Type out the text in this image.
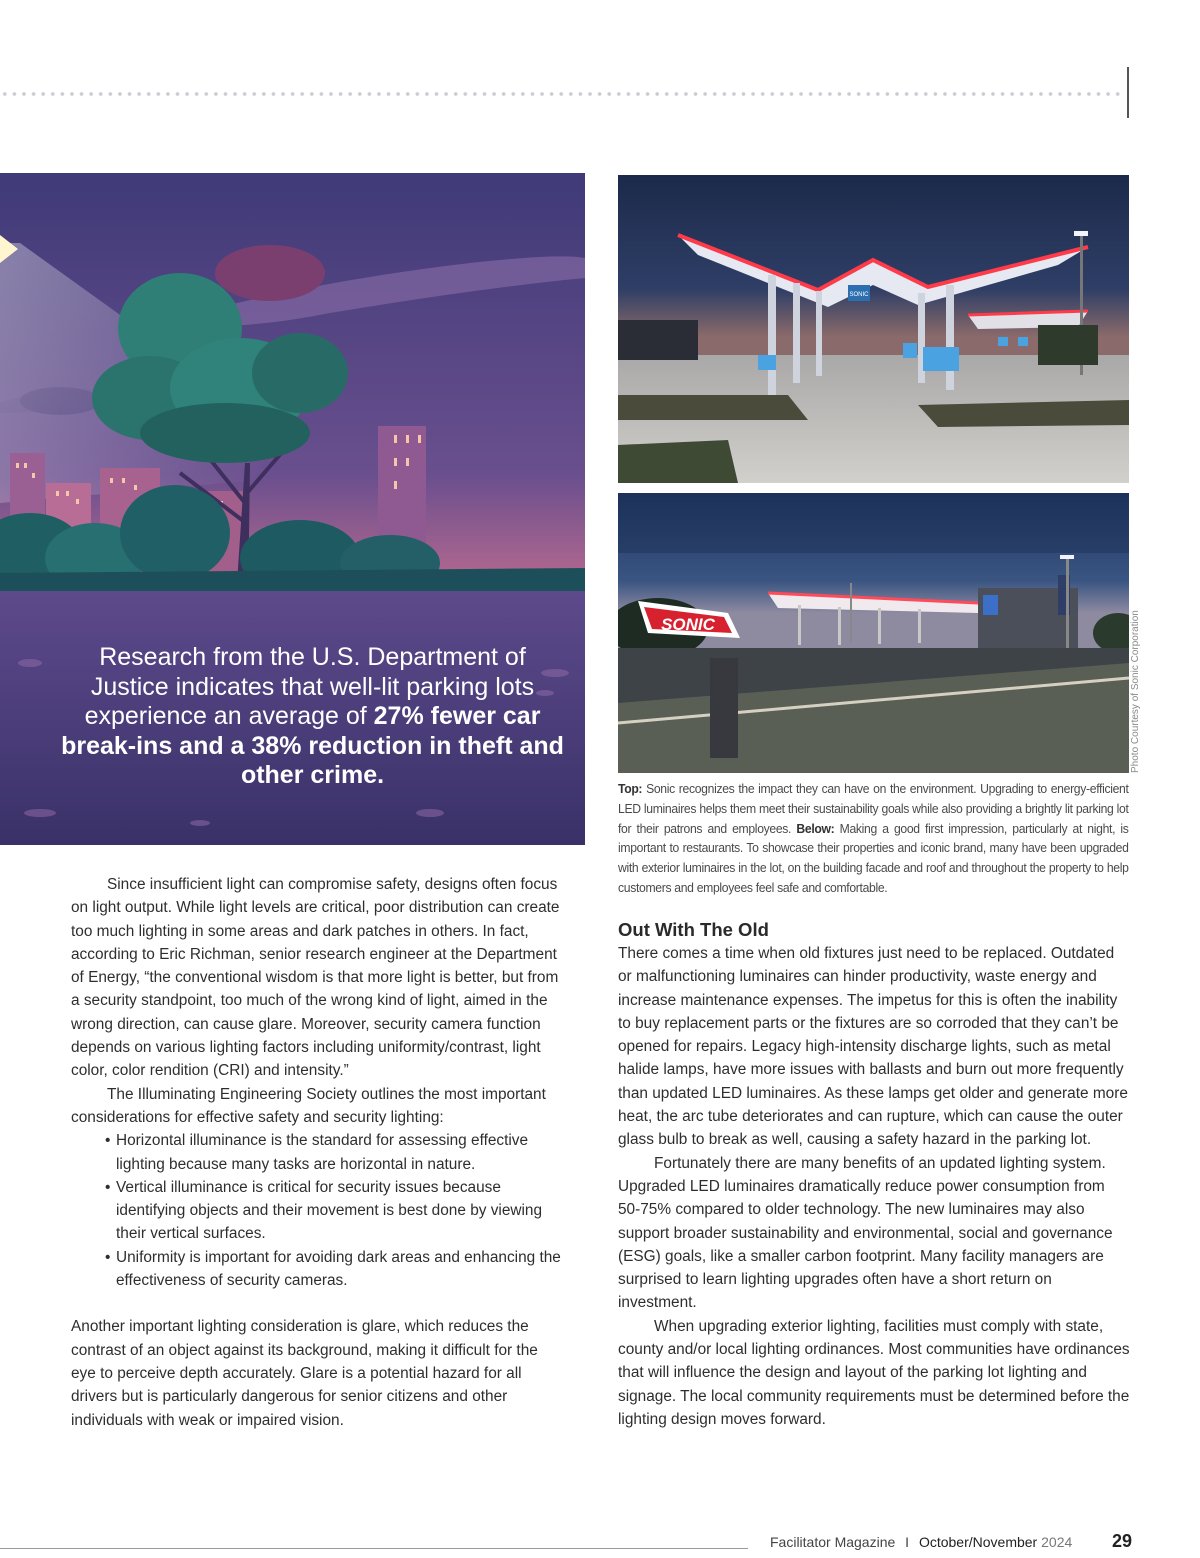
Research from the U.S. Department of Justice indicates that well-lit parking lots experience an average of 27% fewer car break-ins and a 38% reduction in theft and other crime.
SONIC
SONIC	Photo Courtesy of Sonic Corporation
Top: Sonic recognizes the impact they can have on the environment. Upgrading to energy-efficient LED luminaires helps them meet their sustainability goals while also providing a brightly lit parking lot for their patrons and employees. Below: Making a good first impression, particularly at night, is important to restaurants. To showcase their properties and iconic brand, many have been upgraded with exterior luminaires in the lot, on the building facade and roof and throughout the property to help customers and employees feel safe and comfortable.

Since insufficient light can compromise safety, designs often focus on light output. While light levels are critical, poor distribution can create too much lighting in some areas and dark patches in others. In fact, according to Eric Richman, senior research engineer at the Department of Energy, “the conventional wisdom is that more light is better, but from a security standpoint, too much of the wrong kind of light, aimed in the wrong direction, can cause glare. Moreover, security camera function depends on various lighting factors including uniformity/contrast, light color, color rendition (CRI) and intensity.”

The Illuminating Engineering Society outlines the most important considerations for effective safety and security lighting:

• Horizontal illuminance is the standard for assessing effective lighting because many tasks are horizontal in nature.
• Vertical illuminance is critical for security issues because identifying objects and their movement is best done by viewing their vertical surfaces.
• Uniformity is important for avoiding dark areas and enhancing the effectiveness of security cameras.

Another important lighting consideration is glare, which reduces the contrast of an object against its background, making it difficult for the eye to perceive depth accurately. Glare is a potential hazard for all drivers but is particularly dangerous for senior citizens and other individuals with weak or impaired vision.

Out With The Old

There comes a time when old fixtures just need to be replaced. Outdated or malfunctioning luminaires can hinder productivity, waste energy and increase maintenance expenses. The impetus for this is often the inability to buy replacement parts or the fixtures are so corroded that they can’t be opened for repairs. Legacy high-intensity discharge lights, such as metal halide lamps, have more issues with ballasts and burn out more frequently than updated LED luminaires. As these lamps get older and generate more heat, the arc tube deteriorates and can rupture, which can cause the outer glass bulb to break as well, causing a safety hazard in the parking lot.

Fortunately there are many benefits of an updated lighting system. Upgraded LED luminaires dramatically reduce power consumption from 50-75% compared to older technology. The new luminaires may also support broader sustainability and environmental, social and governance (ESG) goals, like a smaller carbon footprint. Many facility managers are surprised to learn lighting upgrades often have a short return on investment.

When upgrading exterior lighting, facilities must comply with state, county and/or local lighting ordinances. Most communities have ordinances that will influence the design and layout of the parking lot lighting and signage. The local community requirements must be determined before the lighting design moves forward.

Facilitator Magazine I October/November 2024 29
